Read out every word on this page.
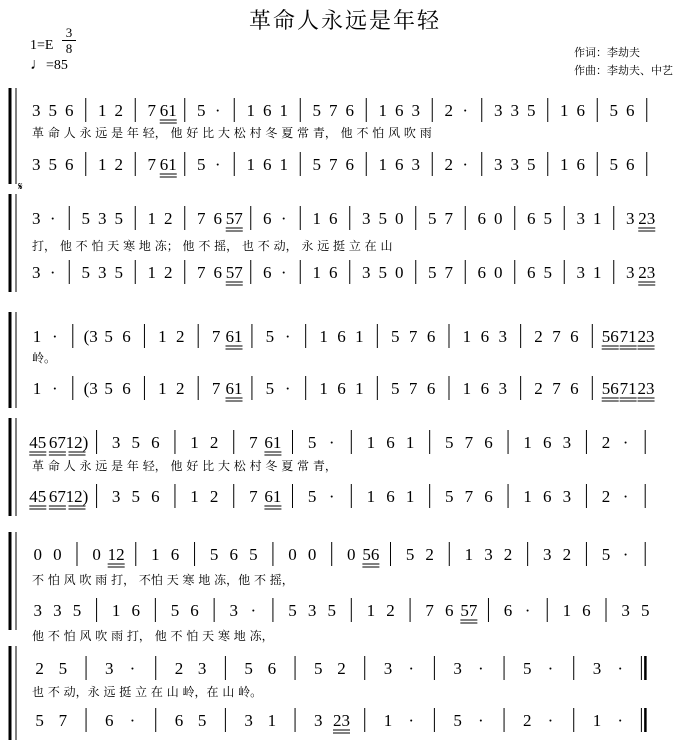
革命人永远是年轻
1=E
3
8
♩=85
作词：李劫夫
作曲：李劫夫、中艺
3 5 6 1 2 7 61 5 · 1 6 1 5 7 6 1 6 3 2 · 3 3 5 1 6 5 6
3 5 6 1 2 7 61 5 · 1 6 1 5 7 6 1 6 3 2 · 3 3 5 1 6 5 6
革 命 人 永 远 是 年 轻， 他 好 比 大 松 村 冬 夏 常 青， 他 不 怕 风 吹 雨
3 · 5 3 5 1 2 7 6 57 6 · 1 6 3 5 0 5 7 6 0 6 5 3 1 3 23
3 · 5 3 5 1 2 7 6 57 6 · 1 6 3 5 0 5 7 6 0 6 5 3 1 3 23
打， 他 不 怕 天 寒 地 冻； 他 不 摇， 也 不 动， 永 远 挺 立 在 山
1 · (3 5 6 1 2 7 61 5 · 1 6 1 5 7 6 1 6 3 2 7 6 56 71 23
1 · (3 5 6 1 2 7 61 5 · 1 6 1 5 7 6 1 6 3 2 7 6 56 71 23
岭。
45 67 12) 3 5 6 1 2 7 61 5 · 1 6 1 5 7 6 1 6 3 2 ·
45 67 12) 3 5 6 1 2 7 61 5 · 1 6 1 5 7 6 1 6 3 2 ·
革 命 人 永 远 是 年 轻， 他 好 比 大 松 村 冬 夏 常 青，
0 0 0 12 1 6 5 6 5 0 0 0 56 5 2 1 3 2 3 2 5 ·
3 3 5 1 6 5 6 3 · 5 3 5 1 2 7 6 57 6 · 1 6 3 5
不 怕 风 吹 雨 打， 不怕 天 寒 地 冻，他 不 摇，
他 不 怕 风 吹 雨 打， 他 不 怕 天 寒 地 冻，
2 5 3 · 2 3 5 6 5 2 3 · 3 · 5 · 3 ·
5 7 6 · 6 5 3 1 3 23 1 · 5 · 2 · 1 ·
也 不 动，永 远 挺 立 在 山 岭，在 山 岭。
𝄋
